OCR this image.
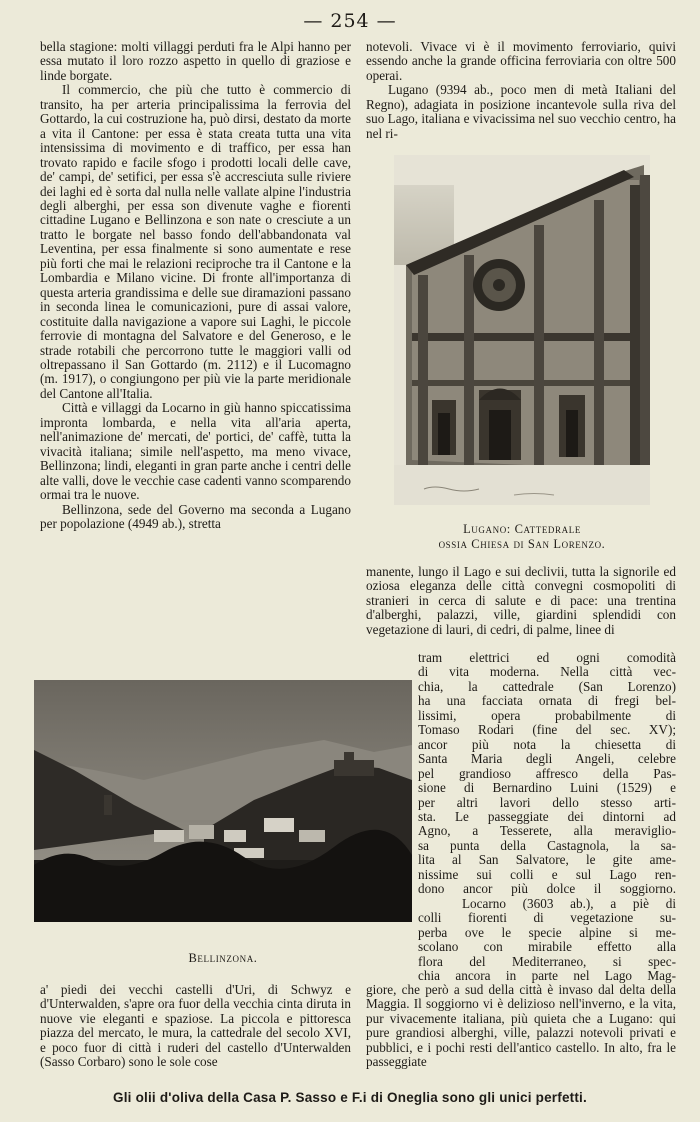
— 254 —

bella stagione: molti villaggi perduti fra le Alpi hanno per essa mutato il loro rozzo aspetto in quello di graziose e linde borgate.

Il commercio, che più che tutto è commercio di transito, ha per arteria principalissima la ferrovia del Gottardo, la cui costruzione ha, può dirsi, destato da morte a vita il Cantone: per essa è stata creata tutta una vita intensissima di movimento e di traffico, per essa han trovato rapido e facile sfogo i prodotti locali delle cave, de' campi, de' setifici, per essa s'è accresciuta sulle riviere dei laghi ed è sorta dal nulla nelle vallate alpine l'industria degli alberghi, per essa son divenute vaghe e fiorenti cittadine Lugano e Bellinzona e son nate o cresciute a un tratto le borgate nel basso fondo dell'abbandonata val Leventina, per essa finalmente si sono aumentate e rese più forti che mai le relazioni reciproche tra il Cantone e la Lombardia e Milano vicine. Di fronte all'importanza di questa arteria grandissima e delle sue diramazioni passano in seconda linea le comunicazioni, pure di assai valore, costituite dalla navigazione a vapore sui Laghi, le piccole ferrovie di montagna del Salvatore e del Generoso, e le strade rotabili che percorrono tutte le maggiori valli od oltrepassano il San Gottardo (m. 2112) e il Lucomagno (m. 1917), o congiungono per più vie la parte meridionale del Cantone all'Italia.

Città e villaggi da Locarno in giù hanno spiccatissima impronta lombarda, e nella vita all'aria aperta, nell'animazione de' mercati, de' portici, de' caffè, tutta la vivacità italiana; simile nell'aspetto, ma meno vivace, Bellinzona; lindi, eleganti in gran parte anche i centri delle alte valli, dove le vecchie case cadenti vanno scomparendo ormai tra le nuove.

Bellinzona, sede del Governo ma seconda a Lugano per popolazione (4949 ab.), stretta

notevoli. Vivace vi è il movimento ferroviario, quivi essendo anche la grande officina ferroviaria con oltre 500 operai.

Lugano (9394 ab., poco men di metà Italiani del Regno), adagiata in posizione incantevole sulla riva del suo Lago, italiana e vivacissima nel suo vecchio centro, ha nel ri-

Lugano: Cattedrale
ossia Chiesa di San Lorenzo.

manente, lungo il Lago e sui declivii, tutta la signorile ed oziosa eleganza delle città convegni cosmopoliti di stranieri in cerca di salute e di pace: una trentina d'alberghi, palazzi, ville, giardini splendidi con vegetazione di lauri, di cedri, di palme, linee di

tram elettrici ed ogni comodità
di vita moderna. Nella città vec-
chia, la cattedrale (San Lorenzo)
ha una facciata ornata di fregi bel-
lissimi, opera probabilmente di
Tomaso Rodari (fine del sec. XV);
ancor più nota la chiesetta di
Santa Maria degli Angeli, celebre
pel grandioso affresco della Pas-
sione di Bernardino Luini (1529) e
per altri lavori dello stesso arti-
sta. Le passeggiate dei dintorni ad
Agno, a Tesserete, alla meraviglio-
sa punta della Castagnola, la sa-
lita al San Salvatore, le gite ame-
nissime sui colli e sul Lago ren-
dono ancor più dolce il soggiorno.
Locarno (3603 ab.), a piè di
colli fiorenti di vegetazione su-
perba ove le specie alpine si me-
scolano con mirabile effetto alla
flora del Mediterraneo, si spec-
chia ancora in parte nel Lago Mag-
Bellinzona.

a' piedi dei vecchi castelli d'Uri, di Schwyz e d'Unterwalden, s'apre ora fuor della vecchia cinta diruta in nuove vie eleganti e spaziose. La piccola e pittoresca piazza del mercato, le mura, la cattedrale del secolo XVI, e poco fuor di città i ruderi del castello d'Unterwalden (Sasso Corbaro) sono le sole cose

giore, che però a sud della città è invaso dal delta della Maggia. Il soggiorno vi è delizioso nell'inverno, e la vita, pur vivacemente italiana, più quieta che a Lugano: qui pure grandiosi alberghi, ville, palazzi notevoli privati e pubblici, e i pochi resti dell'antico castello. In alto, fra le passeggiate

Gli olii d'oliva della Casa P. Sasso e F.i di Oneglia sono gli unici perfetti.
